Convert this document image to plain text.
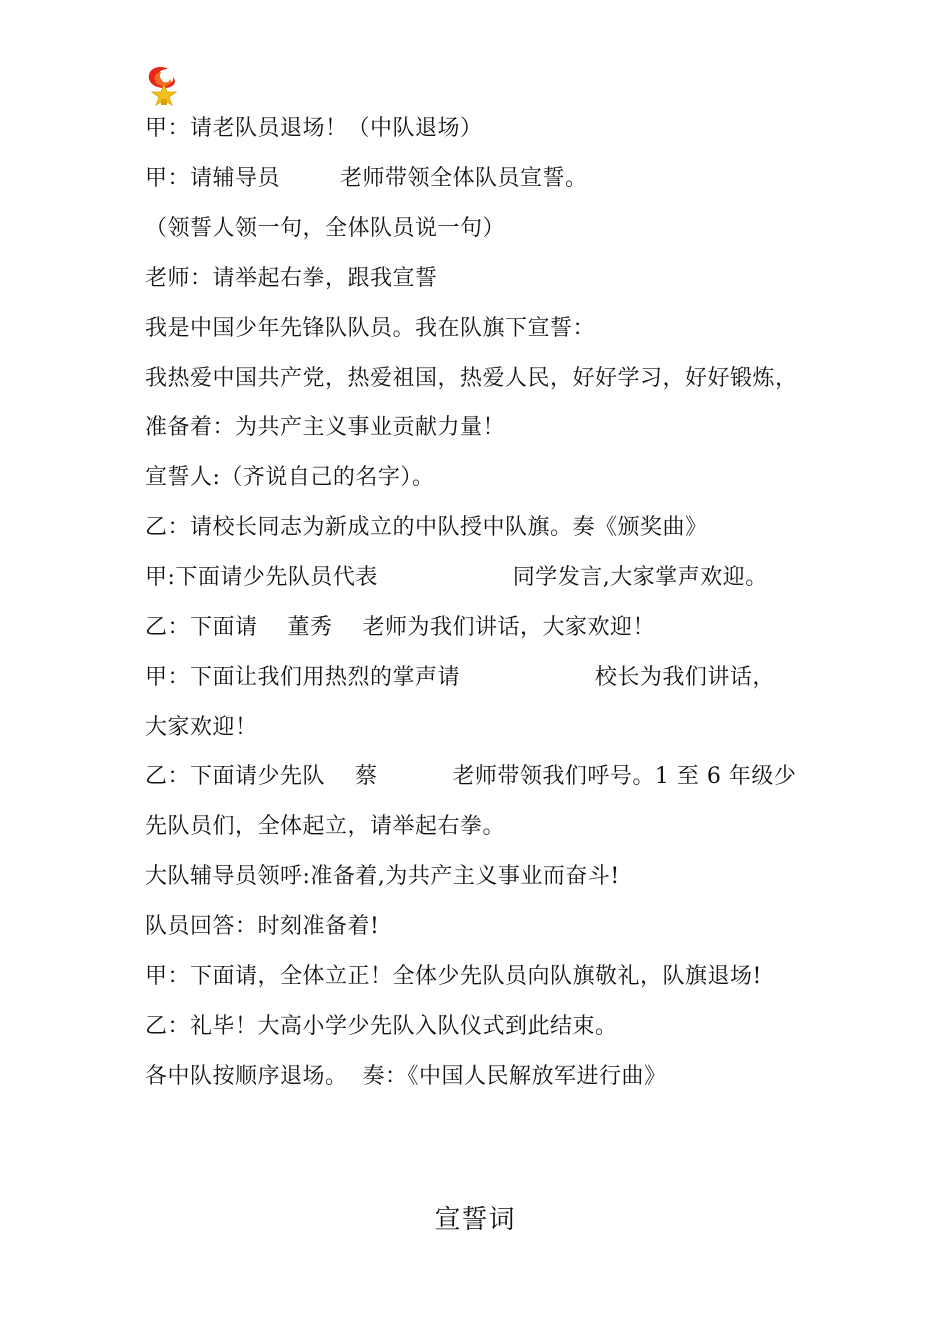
甲：请老队员退场！（中队退场）
甲：请辅导员        老师带领全体队员宣誓。
（领誓人领一句，全体队员说一句）
老师：请举起右拳，跟我宣誓
我是中国少年先锋队队员。我在队旗下宣誓：
我热爱中国共产党，热爱祖国，热爱人民，好好学习，好好锻炼，
准备着：为共产主义事业贡献力量！
宣誓人:（齐说自己的名字）。
乙：请校长同志为新成立的中队授中队旗。奏《颁奖曲》
甲:下面请少先队员代表                  同学发言,大家掌声欢迎。
乙：下面请    董秀    老师为我们讲话，大家欢迎！
甲：下面让我们用热烈的掌声请                  校长为我们讲话，
大家欢迎！
乙：下面请少先队    蔡          老师带领我们呼号。1 至 6 年级少
先队员们，全体起立，请举起右拳。
大队辅导员领呼:准备着,为共产主义事业而奋斗!
队员回答：时刻准备着!
甲：下面请，全体立正！全体少先队员向队旗敬礼，队旗退场!
乙：礼毕！大高小学少先队入队仪式到此结束。
各中队按顺序退场。  奏：《中国人民解放军进行曲》
宣誓词
